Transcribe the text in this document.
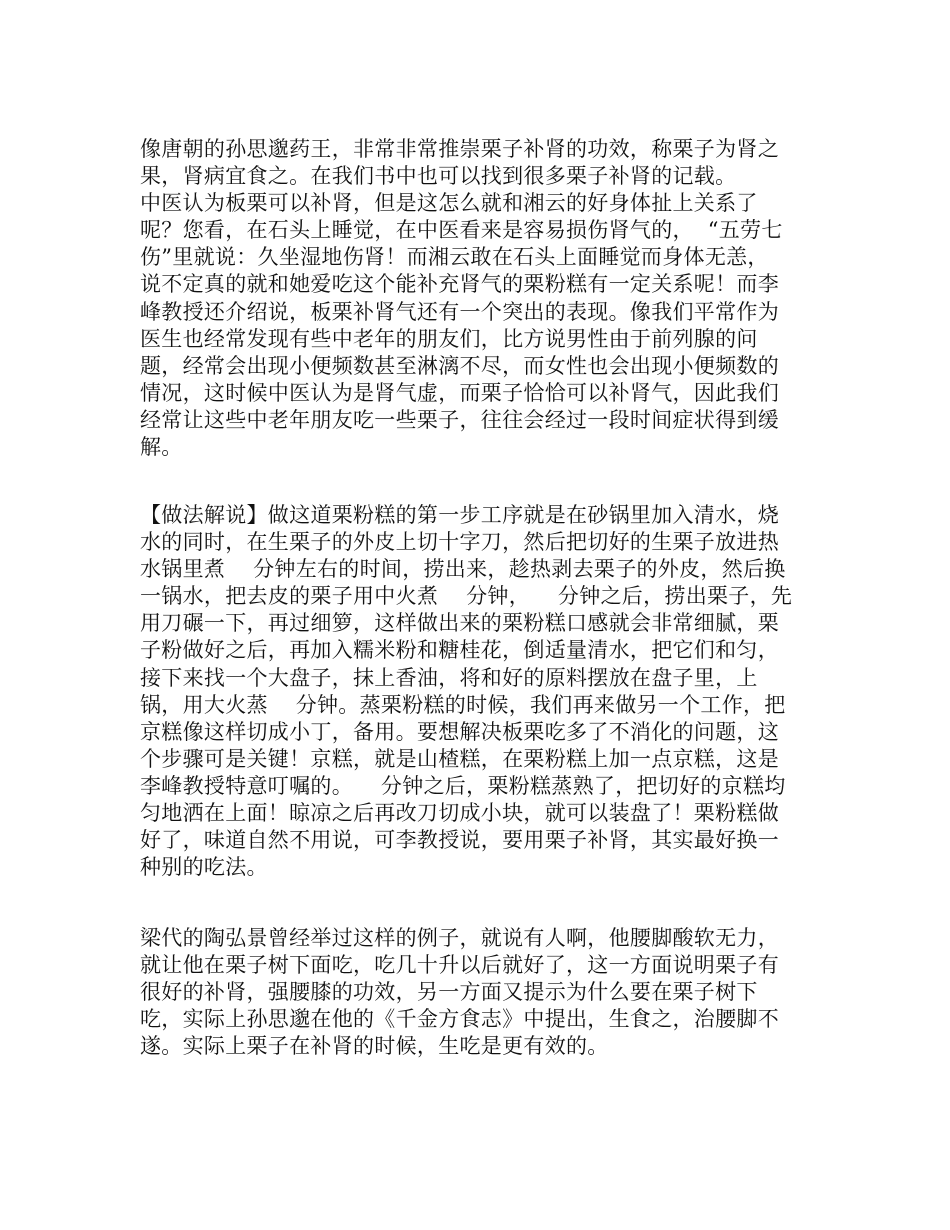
像唐朝的孙思邈药王，非常非常推崇栗子补肾的功效，称栗子为肾之
果，肾病宜食之。在我们书中也可以找到很多栗子补肾的记载。
中医认为板栗可以补肾，但是这怎么就和湘云的好身体扯上关系了
呢？您看，在石头上睡觉，在中医看来是容易损伤肾气的，  “五劳七
伤”里就说：久坐湿地伤肾！而湘云敢在石头上面睡觉而身体无恙，
说不定真的就和她爱吃这个能补充肾气的栗粉糕有一定关系呢！而李
峰教授还介绍说，板栗补肾气还有一个突出的表现。像我们平常作为
医生也经常发现有些中老年的朋友们，比方说男性由于前列腺的问
题，经常会出现小便频数甚至淋漓不尽，而女性也会出现小便频数的
情况，这时候中医认为是肾气虚，而栗子恰恰可以补肾气，因此我们
经常让这些中老年朋友吃一些栗子，往往会经过一段时间症状得到缓
解。
【做法解说】做这道栗粉糕的第一步工序就是在砂锅里加入清水，烧
水的同时，在生栗子的外皮上切十字刀，然后把切好的生栗子放进热
水锅里煮    分钟左右的时间，捞出来，趁热剥去栗子的外皮，然后换
一锅水，把去皮的栗子用中火煮    分钟，    分钟之后，捞出栗子，先
用刀碾一下，再过细箩，这样做出来的栗粉糕口感就会非常细腻，栗
子粉做好之后，再加入糯米粉和糖桂花，倒适量清水，把它们和匀，
接下来找一个大盘子，抹上香油，将和好的原料摆放在盘子里，上
锅，用大火蒸    分钟。蒸栗粉糕的时候，我们再来做另一个工作，把
京糕像这样切成小丁，备用。要想解决板栗吃多了不消化的问题，这
个步骤可是关键！京糕，就是山楂糕，在栗粉糕上加一点京糕，这是
李峰教授特意叮嘱的。    分钟之后，栗粉糕蒸熟了，把切好的京糕均
匀地洒在上面！晾凉之后再改刀切成小块，就可以装盘了！栗粉糕做
好了，味道自然不用说，可李教授说，要用栗子补肾，其实最好换一
种别的吃法。
梁代的陶弘景曾经举过这样的例子，就说有人啊，他腰脚酸软无力，
就让他在栗子树下面吃，吃几十升以后就好了，这一方面说明栗子有
很好的补肾，强腰膝的功效，另一方面又提示为什么要在栗子树下
吃，实际上孙思邈在他的《千金方食志》中提出，生食之，治腰脚不
遂。实际上栗子在补肾的时候，生吃是更有效的。
